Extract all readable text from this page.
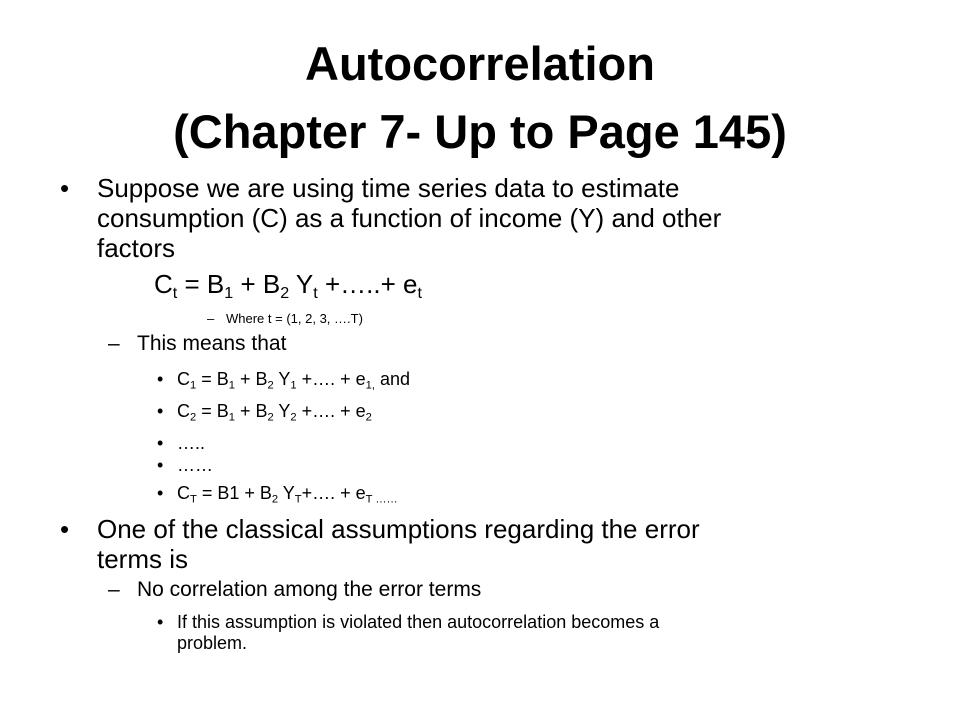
Autocorrelation
(Chapter 7- Up to Page 145)
• Suppose we are using time series data to estimate
consumption (C) as a function of income (Y) and other
factors
$C_t = B_1 + B_2$ $Y_t$ +…..+ $e_t$
– Where t = (1, 2, 3, ….T)
– This means that
• $C_1 = B_1 + B_2$ $Y_1$ +…. + $e_{1,}$ and
• $C_2 = B_1 + B_2$ $Y_2$ +…. + $e_2$
• …..
• ……
• $C_T = B1 + B_2$ $Y_T+\dots$. + $e_{T \dots\dots}$
• One of the classical assumptions regarding the error
terms is
– No correlation among the error terms
• If this assumption is violated then autocorrelation becomes a
problem.
